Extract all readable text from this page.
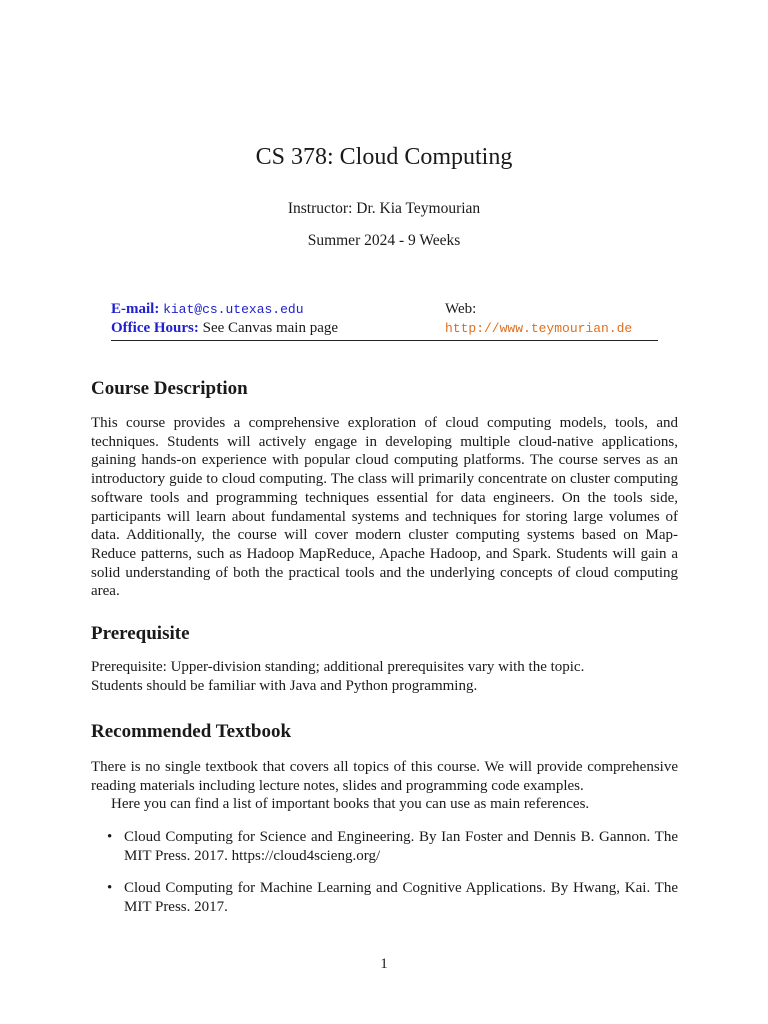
CS 378: Cloud Computing
Instructor: Dr. Kia Teymourian
Summer 2024 - 9 Weeks
E-mail: kiat@cs.utexas.edu	Web: http://www.teymourian.de
Office Hours: See Canvas main page
Course Description

This course provides a comprehensive exploration of cloud computing models, tools, and techniques. Students will actively engage in developing multiple cloud-native applications, gaining hands-on experience with popular cloud computing platforms. The course serves as an introductory guide to cloud computing. The class will primarily concentrate on cluster computing software tools and programming techniques essential for data engineers. On the tools side, participants will learn about fundamental systems and techniques for storing large volumes of data. Additionally, the course will cover modern cluster computing systems based on Map-Reduce patterns, such as Hadoop MapReduce, Apache Hadoop, and Spark. Students will gain a solid understanding of both the practical tools and the underlying concepts of cloud computing area.

Prerequisite
Prerequisite: Upper-division standing; additional prerequisites vary with the topic.
Students should be familiar with Java and Python programming.
Recommended Textbook

There is no single textbook that covers all topics of this course. We will provide comprehensive reading materials including lecture notes, slides and programming code examples.

Here you can find a list of important books that you can use as main references.

• Cloud Computing for Science and Engineering. By Ian Foster and Dennis B. Gannon. The MIT Press. 2017. https://cloud4scieng.org/
• Cloud Computing for Machine Learning and Cognitive Applications. By Hwang, Kai. The MIT Press. 2017.
1
